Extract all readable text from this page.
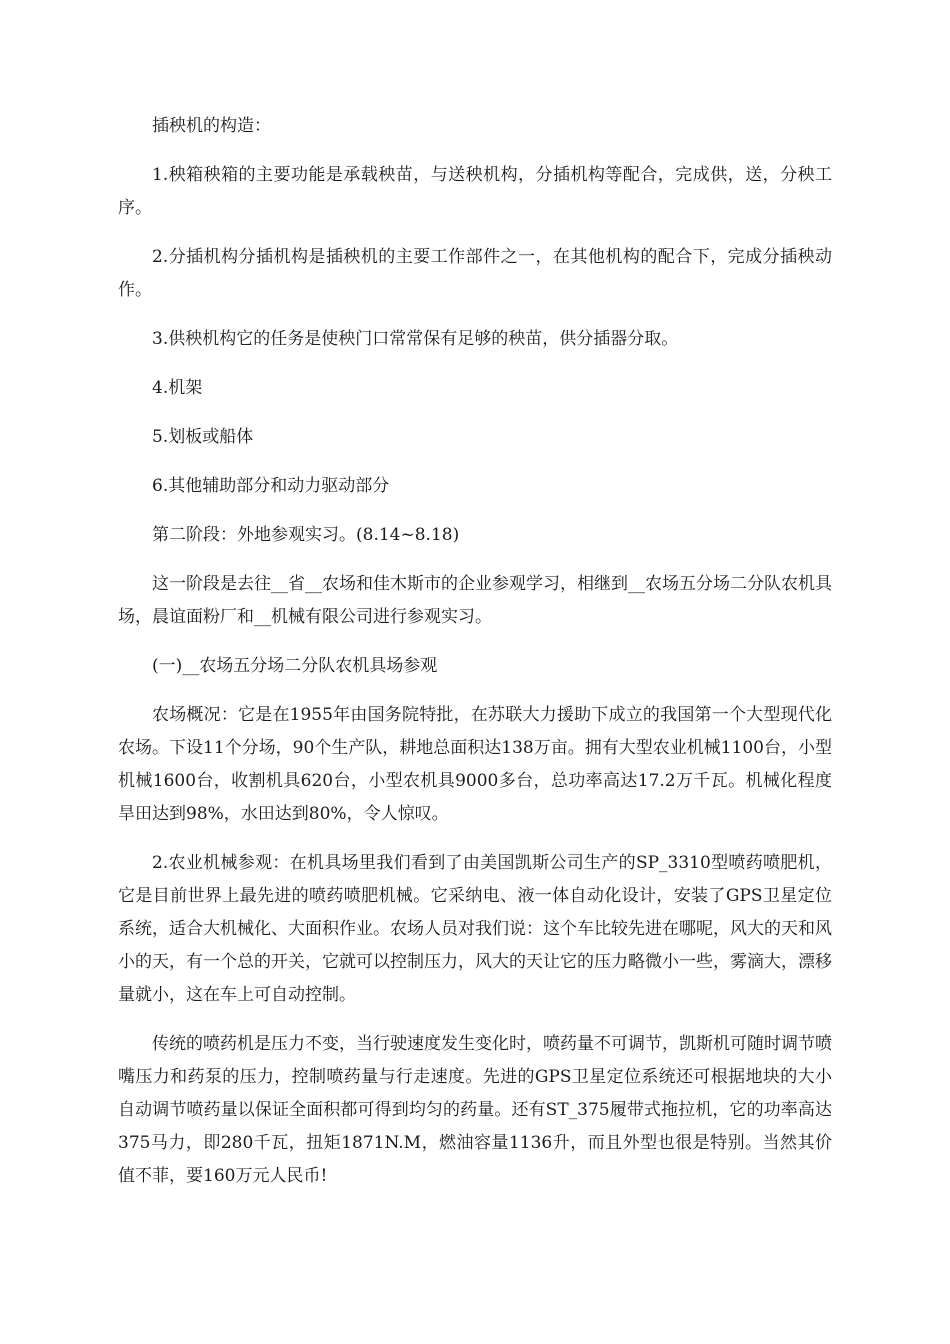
插秧机的构造：

1.秧箱秧箱的主要功能是承载秧苗，与送秧机构，分插机构等配合，完成供，送，分秧工序。

2.分插机构分插机构是插秧机的主要工作部件之一，在其他机构的配合下，完成分插秧动作。

3.供秧机构它的任务是使秧门口常常保有足够的秧苗，供分插器分取。

4.机架

5.划板或船体

6.其他辅助部分和动力驱动部分

第二阶段：外地参观实习。(8.14~8.18)

这一阶段是去往__省__农场和佳木斯市的企业参观学习，相继到__农场五分场二分队农机具场，晨谊面粉厂和__机械有限公司进行参观实习。

(一)__农场五分场二分队农机具场参观

农场概况：它是在1955年由国务院特批，在苏联大力援助下成立的我国第一个大型现代化农场。下设11个分场，90个生产队，耕地总面积达138万亩。拥有大型农业机械1100台，小型机械1600台，收割机具620台，小型农机具9000多台，总功率高达17.2万千瓦。机械化程度旱田达到98%，水田达到80%，令人惊叹。

2.农业机械参观：在机具场里我们看到了由美国凯斯公司生产的SP_3310型喷药喷肥机，它是目前世界上最先进的喷药喷肥机械。它采纳电、液一体自动化设计，安装了GPS卫星定位系统，适合大机械化、大面积作业。农场人员对我们说：这个车比较先进在哪呢，风大的天和风小的天，有一个总的开关，它就可以控制压力，风大的天让它的压力略微小一些，雾滴大，漂移量就小，这在车上可自动控制。

传统的喷药机是压力不变，当行驶速度发生变化时，喷药量不可调节，凯斯机可随时调节喷嘴压力和药泵的压力，控制喷药量与行走速度。先进的GPS卫星定位系统还可根据地块的大小自动调节喷药量以保证全面积都可得到均匀的药量。还有ST_375履带式拖拉机，它的功率高达375马力，即280千瓦，扭矩1871N.M，燃油容量1136升，而且外型也很是特别。当然其价值不菲，要160万元人民币!
